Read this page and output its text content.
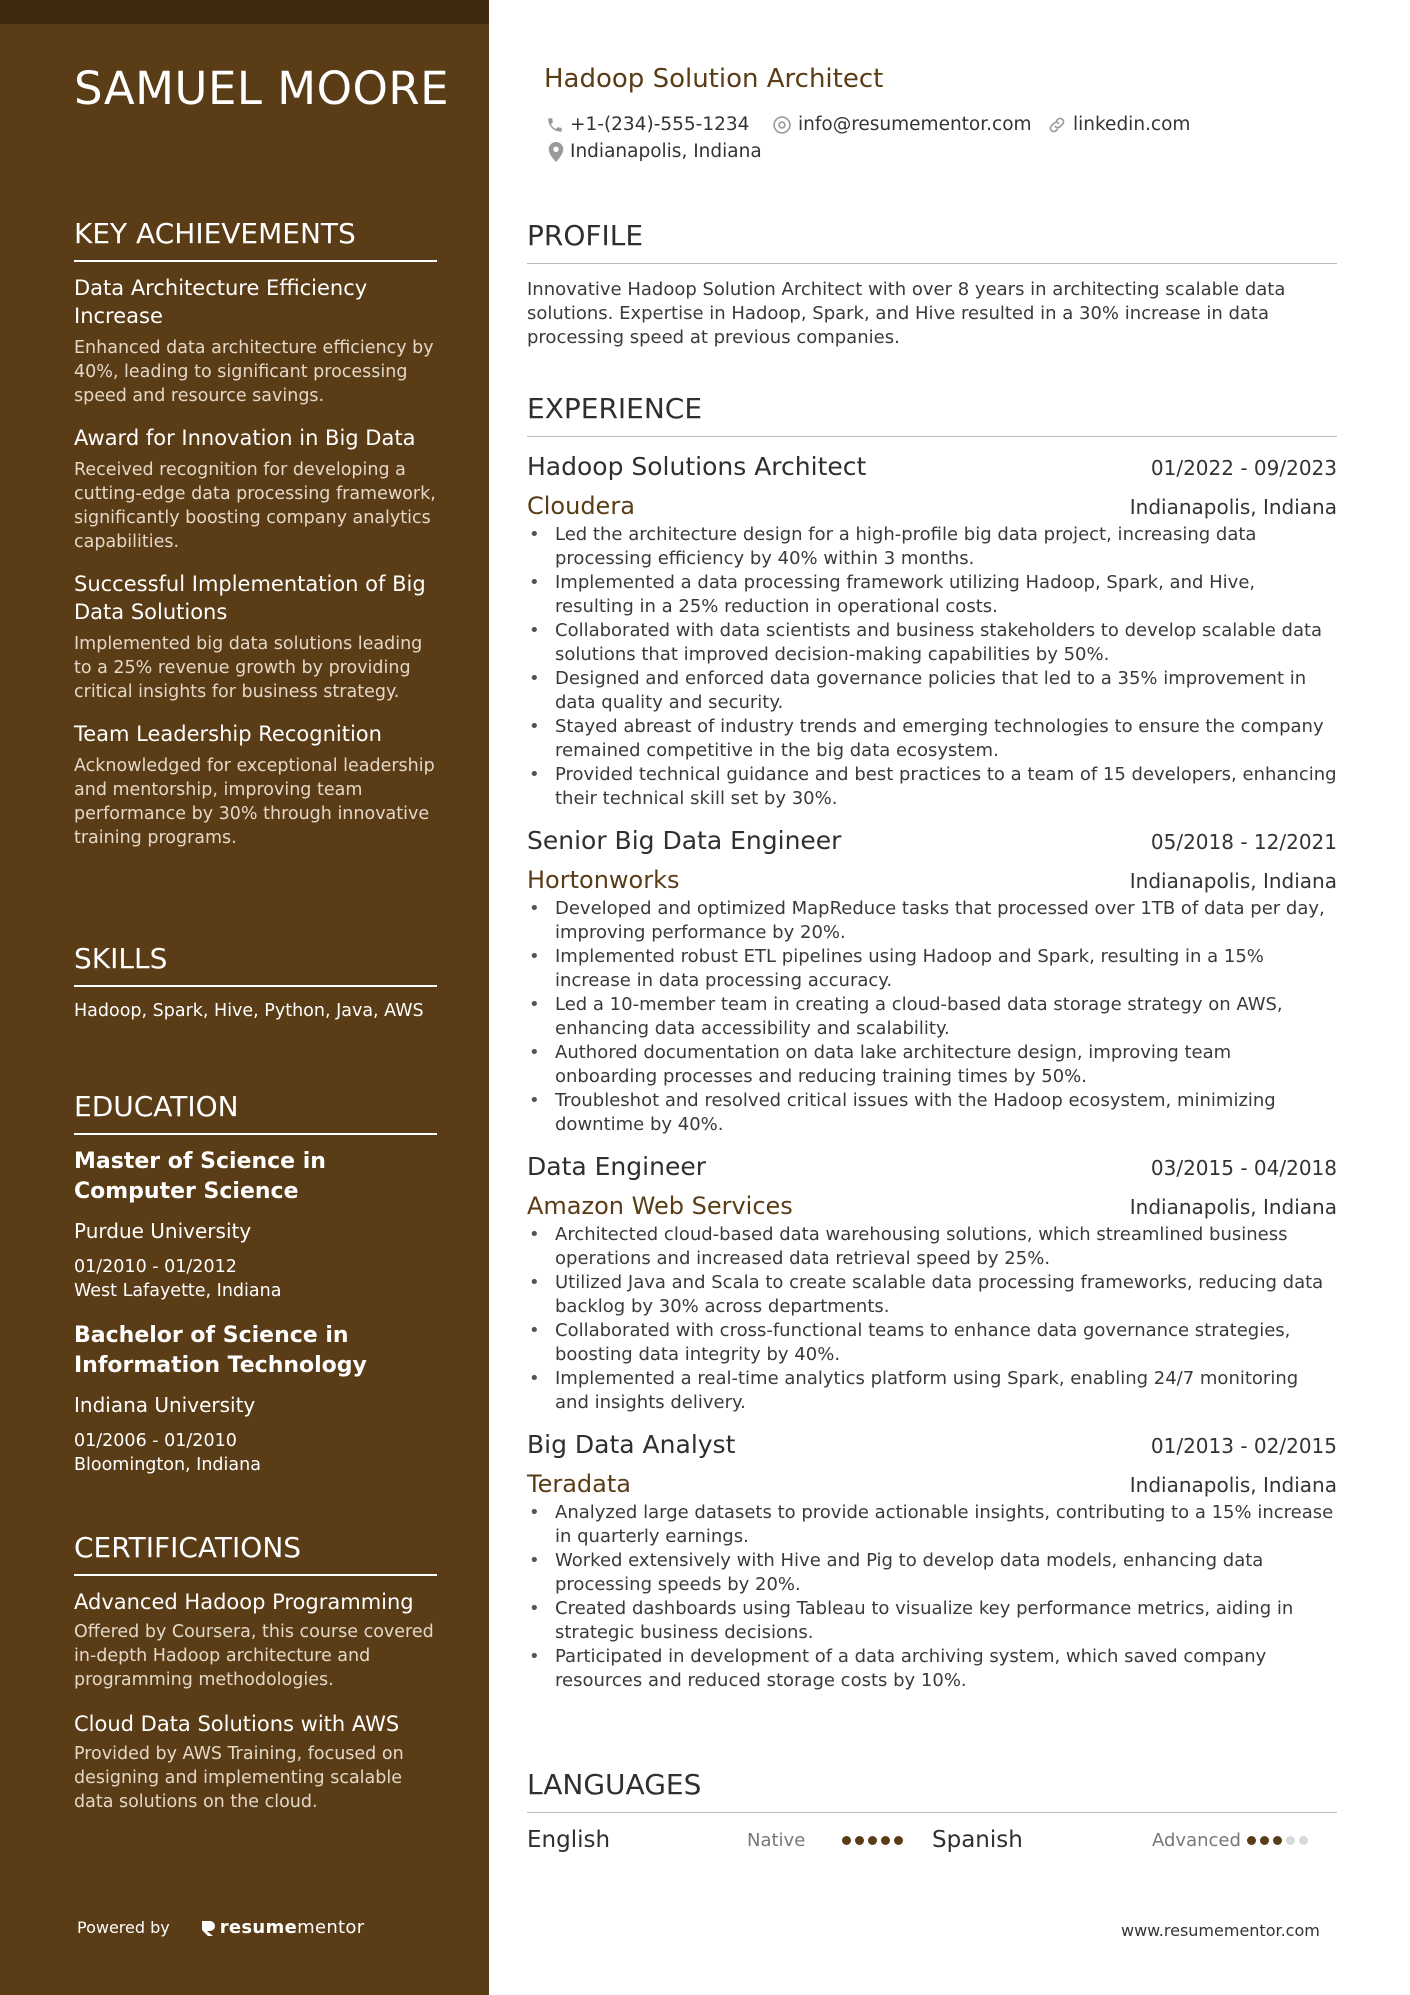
SAMUEL MOORE
KEY ACHIEVEMENTS
Data Architecture Efficiency Increase
Enhanced data architecture efficiency by 40%, leading to significant processing speed and resource savings.
Award for Innovation in Big Data
Received recognition for developing a cutting-edge data processing framework, significantly boosting company analytics capabilities.
Successful Implementation of Big Data Solutions
Implemented big data solutions leading to a 25% revenue growth by providing critical insights for business strategy.
Team Leadership Recognition
Acknowledged for exceptional leadership and mentorship, improving team performance by 30% through innovative training programs.
SKILLS
Hadoop, Spark, Hive, Python, Java, AWS
EDUCATION
Master of Science in Computer Science
Purdue University
01/2010 - 01/2012
West Lafayette, Indiana
Bachelor of Science in Information Technology
Indiana University
01/2006 - 01/2010
Bloomington, Indiana
CERTIFICATIONS
Advanced Hadoop Programming
Offered by Coursera, this course covered in-depth Hadoop architecture and programming methodologies.
Cloud Data Solutions with AWS
Provided by AWS Training, focused on designing and implementing scalable data solutions on the cloud.
Powered by	resume mentor
Hadoop Solution Architect
+1-(234)-555-1234	info@resumementor.com linkedin.com
Indianapolis, Indiana
PROFILE
Innovative Hadoop Solution Architect with over 8 years in architecting scalable data solutions. Expertise in Hadoop, Spark, and Hive resulted in a 30% increase in data processing speed at previous companies.
EXPERIENCE
Hadoop Solutions Architect	01/2022 - 09/2023
Cloudera	Indianapolis, Indiana
• Led the architecture design for a high-profile big data project, increasing data processing efficiency by 40% within 3 months.
• Implemented a data processing framework utilizing Hadoop, Spark, and Hive, resulting in a 25% reduction in operational costs.
• Collaborated with data scientists and business stakeholders to develop scalable data solutions that improved decision-making capabilities by 50%.
• Designed and enforced data governance policies that led to a 35% improvement in data quality and security.
• Stayed abreast of industry trends and emerging technologies to ensure the company remained competitive in the big data ecosystem.
• Provided technical guidance and best practices to a team of 15 developers, enhancing their technical skill set by 30%.
Senior Big Data Engineer	05/2018 - 12/2021
Hortonworks	Indianapolis, Indiana
• Developed and optimized MapReduce tasks that processed over 1TB of data per day, improving performance by 20%.
• Implemented robust ETL pipelines using Hadoop and Spark, resulting in a 15% increase in data processing accuracy.
• Led a 10-member team in creating a cloud-based data storage strategy on AWS, enhancing data accessibility and scalability.
• Authored documentation on data lake architecture design, improving team onboarding processes and reducing training times by 50%.
• Troubleshot and resolved critical issues with the Hadoop ecosystem, minimizing downtime by 40%.
Data Engineer	03/2015 - 04/2018
Amazon Web Services	Indianapolis, Indiana
• Architected cloud-based data warehousing solutions, which streamlined business operations and increased data retrieval speed by 25%.
• Utilized Java and Scala to create scalable data processing frameworks, reducing data backlog by 30% across departments.
• Collaborated with cross-functional teams to enhance data governance strategies, boosting data integrity by 40%.
• Implemented a real-time analytics platform using Spark, enabling 24/7 monitoring and insights delivery.
Big Data Analyst	01/2013 - 02/2015
Teradata	Indianapolis, Indiana
• Analyzed large datasets to provide actionable insights, contributing to a 15% increase in quarterly earnings.
• Worked extensively with Hive and Pig to develop data models, enhancing data processing speeds by 20%.
• Created dashboards using Tableau to visualize key performance metrics, aiding in strategic business decisions.
• Participated in development of a data archiving system, which saved company resources and reduced storage costs by 10%.
LANGUAGES
English	Native	Spanish	Advanced
www.resumementor.com
